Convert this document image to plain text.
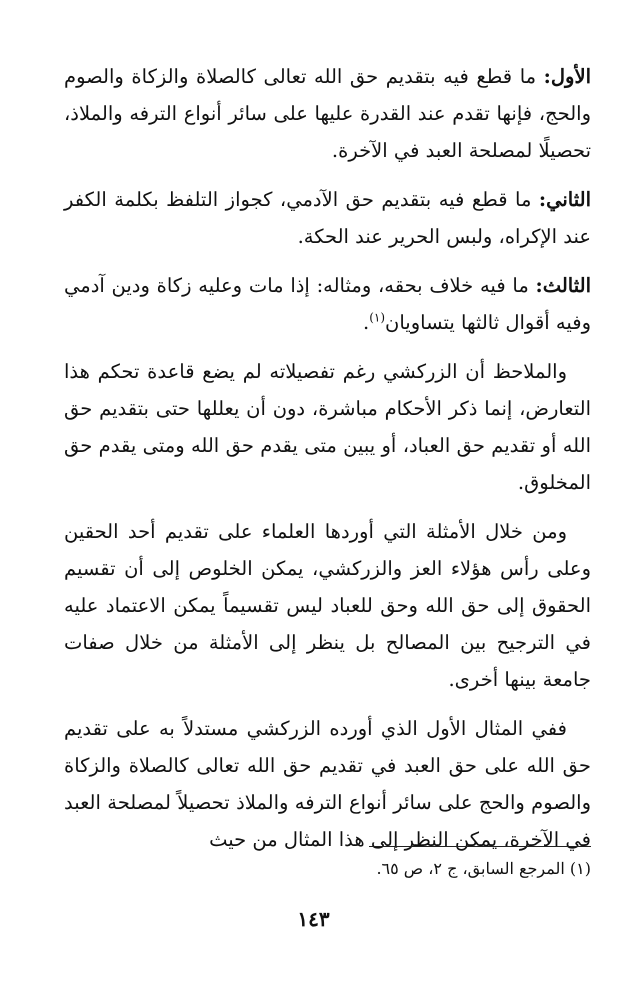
الأول: ما قطع فيه بتقديم حق الله تعالى كالصلاة والزكاة والصوم والحج، فإنها تقدم عند القدرة عليها على سائر أنواع الترفه والملاذ، تحصيلًا لمصلحة العبد في الآخرة.

الثاني: ما قطع فيه بتقديم حق الآدمي، كجواز التلفظ بكلمة الكفر عند الإكراه، ولبس الحرير عند الحكة.

الثالث: ما فيه خلاف بحقه، ومثاله: إذا مات وعليه زكاة ودين آدمي وفيه أقوال ثالثها يتساويان$^{(١)}$.

والملاحظ أن الزركشي رغم تفصيلاته لم يضع قاعدة تحكم هذا التعارض، إنما ذكر الأحكام مباشرة، دون أن يعللها حتى بتقديم حق الله أو تقديم حق العباد، أو يبين متى يقدم حق الله ومتى يقدم حق المخلوق.

ومن خلال الأمثلة التي أوردها العلماء على تقديم أحد الحقين وعلى رأس هؤلاء العز والزركشي، يمكن الخلوص إلى أن تقسيم الحقوق إلى حق الله وحق للعباد ليس تقسيماً يمكن الاعتماد عليه في الترجيح بين المصالح بل ينظر إلى الأمثلة من خلال صفات جامعة بينها أخرى.

ففي المثال الأول الذي أورده الزركشي مستدلاً به على تقديم حق الله على حق العبد في تقديم حق الله تعالى كالصلاة والزكاة والصوم والحج على سائر أنواع الترفه والملاذ تحصيلاً لمصلحة العبد في الآخرة، يمكن النظر إلى هذا المثال من حيث

(١) المرجع السابق، ج ٢، ص ٦٥.
١٤٣
